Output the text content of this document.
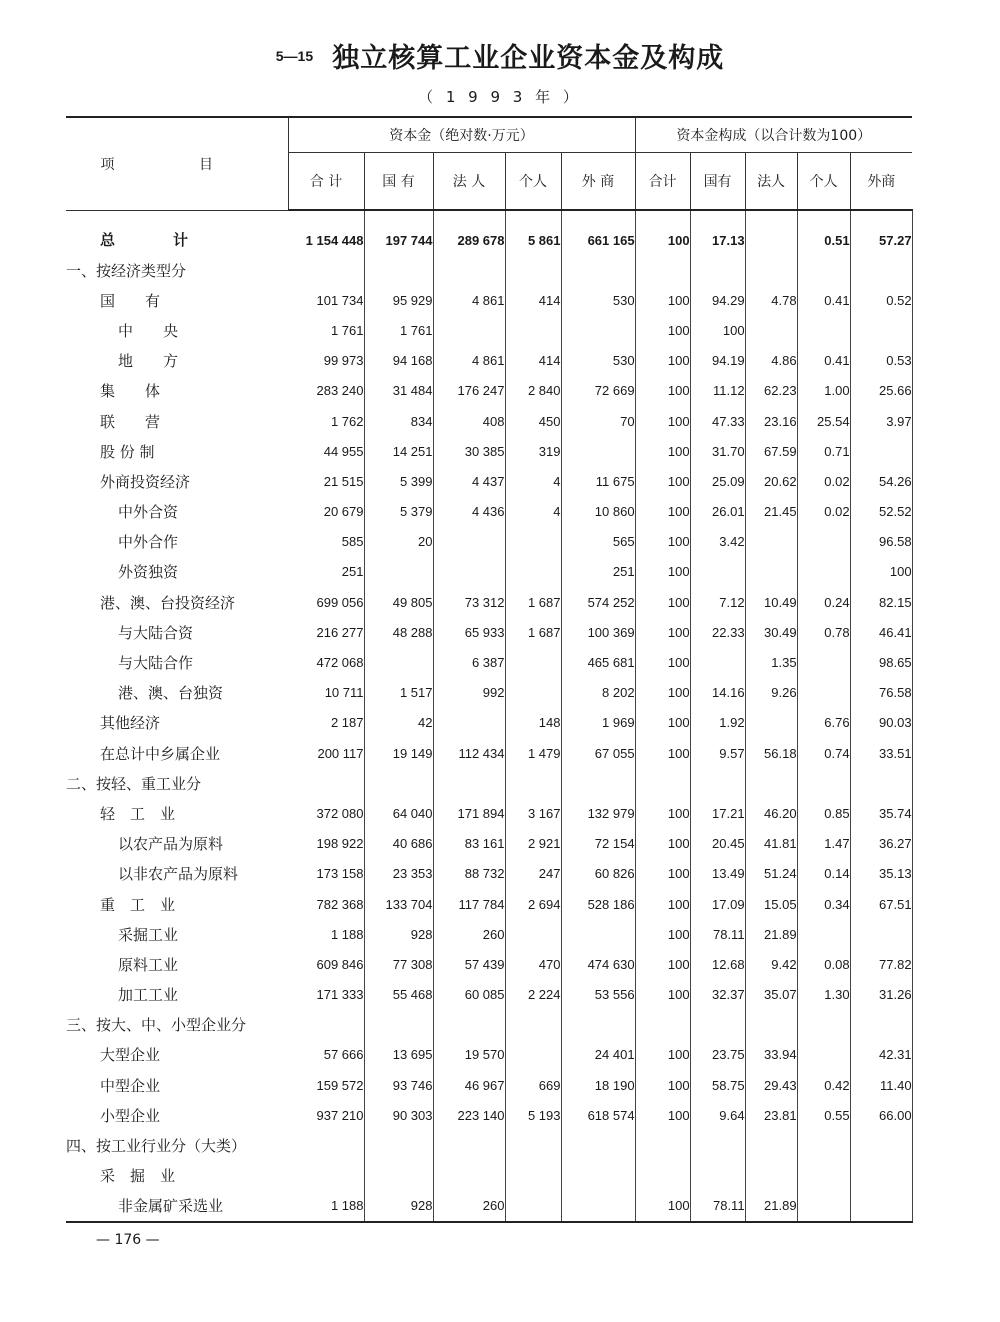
5—15 独立核算工业企业资本金及构成
（ 1 9 9 3 年 ）
项 目	资本金（绝对数·万元）					资本金构成（以合计数为100）				
	合 计	国 有	法 人	个人	外 商	合计	国有	法人	个人	外商
总计	1 154 448	197 744	289 678	5 861	661 165	100	17.13		0.51	57.27
一、按经济类型分										
国　　有	101 734	95 929	4 861	414	530	100	94.29	4.78	0.41	0.52
中　　央	1 761	1 761				100	100			
地　　方	99 973	94 168	4 861	414	530	100	94.19	4.86	0.41	0.53
集　　体	283 240	31 484	176 247	2 840	72 669	100	11.12	62.23	1.00	25.66
联　　营	1 762	834	408	450	70	100	47.33	23.16	25.54	3.97
股 份 制	44 955	14 251	30 385	319		100	31.70	67.59	0.71	
外商投资经济	21 515	5 399	4 437	4	11 675	100	25.09	20.62	0.02	54.26
中外合资	20 679	5 379	4 436	4	10 860	100	26.01	21.45	0.02	52.52
中外合作	585	20			565	100	3.42			96.58
外资独资	251				251	100				100
港、澳、台投资经济	699 056	49 805	73 312	1 687	574 252	100	7.12	10.49	0.24	82.15
与大陆合资	216 277	48 288	65 933	1 687	100 369	100	22.33	30.49	0.78	46.41
与大陆合作	472 068		6 387		465 681	100		1.35		98.65
港、澳、台独资	10 711	1 517	992		8 202	100	14.16	9.26		76.58
其他经济	2 187	42		148	1 969	100	1.92		6.76	90.03
在总计中乡属企业	200 117	19 149	112 434	1 479	67 055	100	9.57	56.18	0.74	33.51
二、按轻、重工业分										
轻　工　业	372 080	64 040	171 894	3 167	132 979	100	17.21	46.20	0.85	35.74
以农产品为原料	198 922	40 686	83 161	2 921	72 154	100	20.45	41.81	1.47	36.27
以非农产品为原料	173 158	23 353	88 732	247	60 826	100	13.49	51.24	0.14	35.13
重　工　业	782 368	133 704	117 784	2 694	528 186	100	17.09	15.05	0.34	67.51
采掘工业	1 188	928	260			100	78.11	21.89		
原料工业	609 846	77 308	57 439	470	474 630	100	12.68	9.42	0.08	77.82
加工工业	171 333	55 468	60 085	2 224	53 556	100	32.37	35.07	1.30	31.26
三、按大、中、小型企业分										
大型企业	57 666	13 695	19 570		24 401	100	23.75	33.94		42.31
中型企业	159 572	93 746	46 967	669	18 190	100	58.75	29.43	0.42	11.40
小型企业	937 210	90 303	223 140	5 193	618 574	100	9.64	23.81	0.55	66.00
四、按工业行业分（大类）										
采　掘　业										
非金属矿采选业	1 188	928	260			100	78.11	21.89		

— 176 —
